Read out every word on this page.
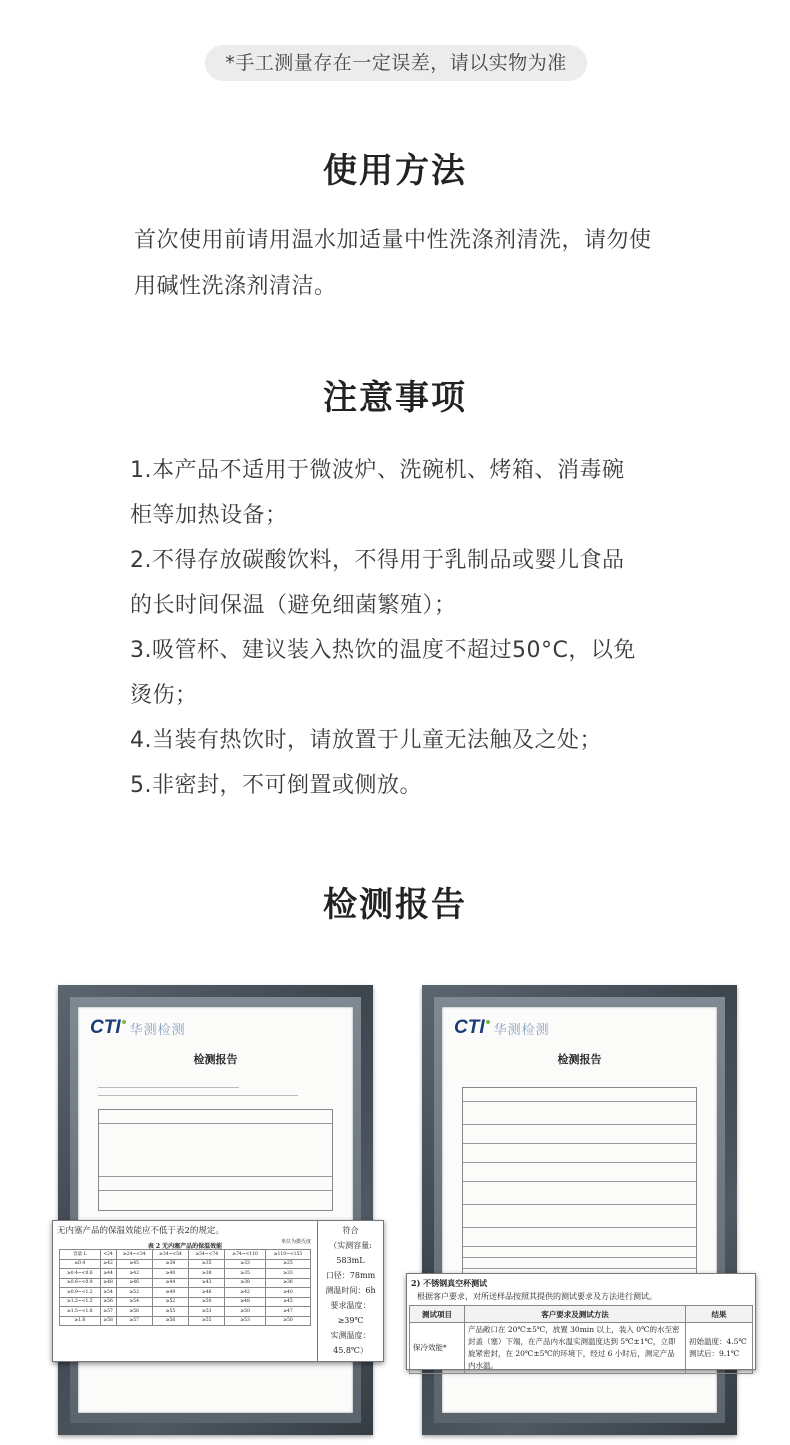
*手工测量存在一定误差，请以实物为准
使用方法
首次使用前请用温水加适量中性洗涤剂清洗，请勿使
用碱性洗涤剂清洁。
注意事项
1.本产品不适用于微波炉、洗碗机、烤箱、消毒碗
柜等加热设备；
2.不得存放碳酸饮料，不得用于乳制品或婴儿食品
的长时间保温（避免细菌繁殖）；
3.吸管杯、建议装入热饮的温度不超过50°C，以免
烫伤；
4.当装有热饮时，请放置于儿童无法触及之处；
5.非密封，不可倒置或侧放。
检测报告
CTI 华测检测
检测报告
CTI 华测检测
检测报告
无内塞产品的保温效能应不低于表2的规定。
表 2 无内塞产品的保温效能
单位为摄氏度
容量 L	<24	≥24~<34	≥34~<54	≥54~<74	≥74~<110	≥110~<155
≤0.4	≥42	≥45	≥38	≥35	≥33	≥25
≥0.4~<0.6	≥44	≥42	≥40	≥38	≥35	≥33
≥0.6~<0.9	≥48	≥46	≥44	≥43	≥38	≥36
≥0.9~<1.2	≥54	≥52	≥49	≥46	≥42	≥40
≥1.2~<1.5	≥56	≥54	≥52	≥50	≥48	≥45
≥1.5~<1.8	≥57	≥56	≥55	≥53	≥50	≥47
≥1.8	≥58	≥57	≥56	≥55	≥53	≥50
符合
（实测容量:
583mL
口径：78mm
测温时间：6h
要求温度：
≥39℃
实测温度：
45.8℃）
2) 不锈钢真空杯测试
根据客户要求，对所送样品按照其提供的测试要求及方法进行测试。
测试项目	客户要求及测试方法	结果
保冷效能*	产品敞口在 20℃±5℃，放置 30min 以上，装入 0℃的水至密封盖（塞）下端，在产品内水温实测温度达到 5℃±1℃，立即旋紧密封，在 20℃±5℃的环境下，经过 6 小时后，测定产品内水温。	初始温度：4.5℃ 测试后：9.1℃
